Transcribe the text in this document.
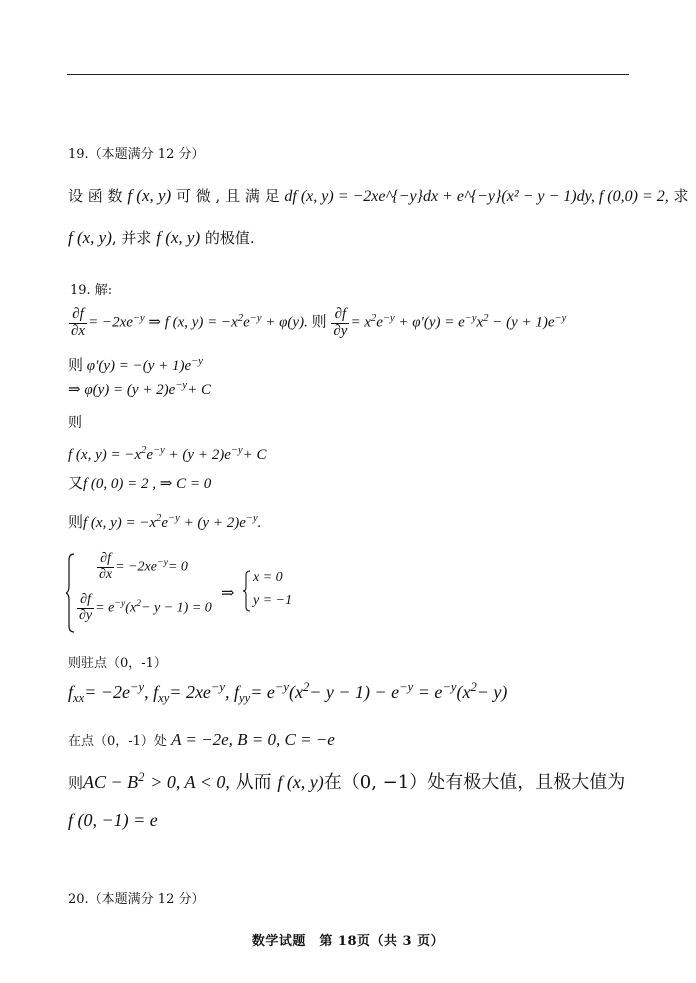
19.（本题满分 12 分）
设 函 数 f (x, y) 可 微 , 且 满 足 df (x, y) = −2xe^{−y}dx + e^{−y}(x² − y − 1)dy, f (0,0) = 2, 求
f (x, y), 并求 f (x, y) 的极值.
19. 解:
$\frac{\partial f}{\partial x} = -2xe^{-y}$ ⇒ f (x, $y) = -x^2e^{-y} + \varphi(y)$. 则 $\frac{\partial f}{\partial y} = x^2e^{-y} + \varphi'(y) = e^{-y}x^2 - (y + 1)e^{-y}$
则 $\varphi'(y) = -(y + 1)e^{-y}$
⇒ $\varphi(y) = (y + 2)e^{-y}+ C$
则
f (x, $y) = -x^2e^{-y} + (y + 2)e^{-y}+ C$
又f (0, 0) = 2 , ⇒ C = 0
则f (x, $y) = -x^2e^{-y} + (y + 2)e^{-y}$.
$\frac{\partial f}{\partial x} = -2xe^{-y}= 0$
$\frac{\partial f}{\partial y} = e^{-y}(x^2- y - 1) = 0$
⇒
x = 0
y = −1
则驻点（0，-1）
$f_{xx}= -2e^{-y}$, $f_{xy}= 2xe^{-y}$, $f_{yy}= e^{-y}(x^2- y - 1) - e^{-y} = e^{-y}(x^2- y)$
在点（0，-1）处 A = −2e, B = 0, C = −e
则AC − $B^2 > 0$, A < 0, 从而 f (x, y)在（0, −1）处有极大值，且极大值为
f (0, −1) = e
20.（本题满分 12 分）
数学试题　第 18页（共 3 页）
